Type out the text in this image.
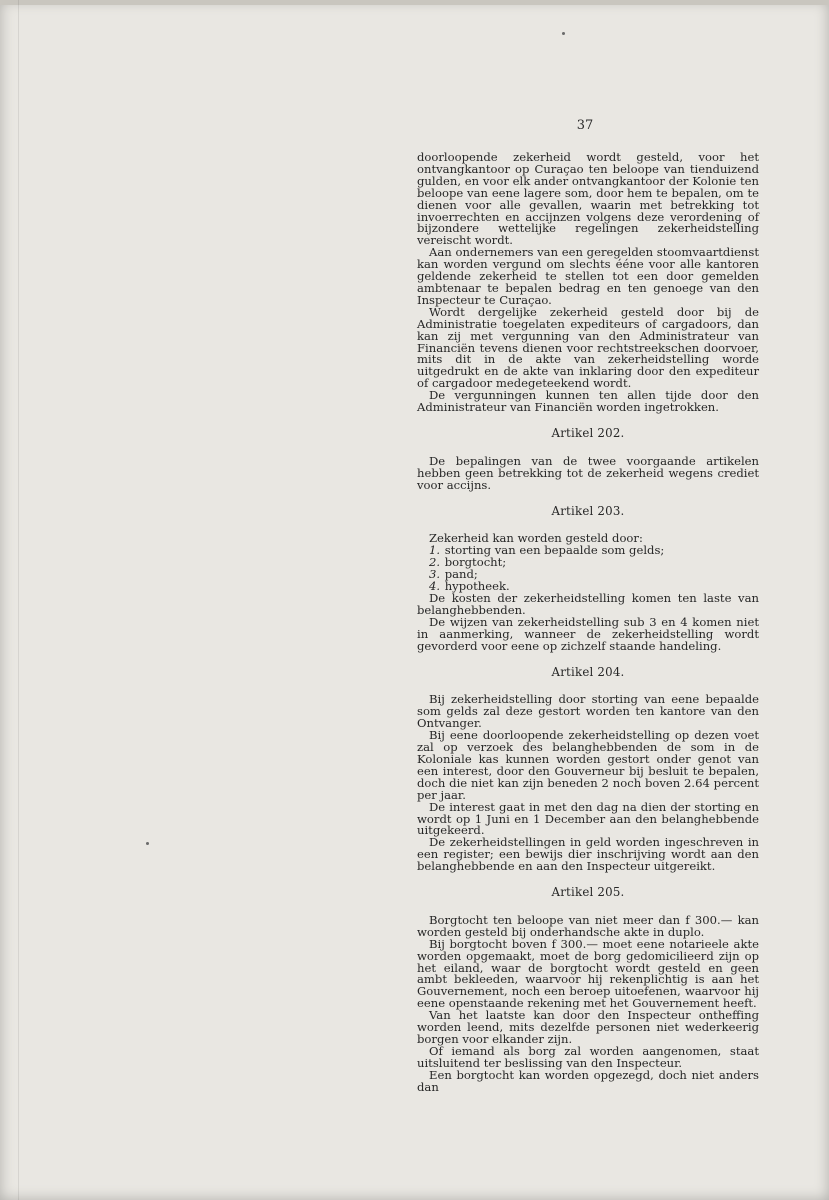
37

doorloopende zekerheid wordt gesteld, voor het ontvangkantoor op Curaçao ten beloope van tienduizend gulden, en voor elk ander ontvangkantoor der Kolonie ten beloope van eene lagere som, door hem te bepalen, om te dienen voor alle gevallen, waarin met betrekking tot invoerrechten en accijnzen volgens deze verordening of bijzondere wettelijke regelingen zekerheidstelling vereischt wordt.

Aan ondernemers van een geregelden stoomvaartdienst kan worden vergund om slechts ééne voor alle kantoren geldende zekerheid te stellen tot een door gemelden ambtenaar te bepalen bedrag en ten genoege van den Inspecteur te Curaçao.

Wordt dergelijke zekerheid gesteld door bij de Administratie toegelaten expediteurs of cargadoors, dan kan zij met vergunning van den Administrateur van Financiën tevens dienen voor rechtstreekschen doorvoer, mits dit in de akte van zekerheidstelling worde uitgedrukt en de akte van inklaring door den expediteur of cargadoor medegeteekend wordt.

De vergunningen kunnen ten allen tijde door den Administrateur van Financiën worden ingetrokken.

Artikel 202.

De bepalingen van de twee voorgaande artikelen hebben geen betrekking tot de zekerheid wegens crediet voor accijns.

Artikel 203.

Zekerheid kan worden gesteld door:

1. storting van een bepaalde som gelds;

2. borgtocht;

3. pand;

4. hypotheek.

De kosten der zekerheidstelling komen ten laste van belanghebbenden.

De wijzen van zekerheidstelling sub 3 en 4 komen niet in aanmerking, wanneer de zekerheidstelling wordt gevorderd voor eene op zichzelf staande handeling.

Artikel 204.

Bij zekerheidstelling door storting van eene bepaalde som gelds zal deze gestort worden ten kantore van den Ontvanger.

Bij eene doorloopende zekerheidstelling op dezen voet zal op verzoek des belanghebbenden de som in de Koloniale kas kunnen worden gestort onder genot van een interest, door den Gouverneur bij besluit te bepalen, doch die niet kan zijn beneden 2 noch boven 2.64 percent per jaar.

De interest gaat in met den dag na dien der storting en wordt op 1 Juni en 1 December aan den belanghebbende uitgekeerd.

De zekerheidstellingen in geld worden ingeschreven in een register; een bewijs dier inschrijving wordt aan den belanghebbende en aan den Inspecteur uitgereikt.

Artikel 205.

Borgtocht ten beloope van niet meer dan f 300.— kan worden gesteld bij onderhandsche akte in duplo.

Bij borgtocht boven f 300.— moet eene notarieele akte worden opgemaakt, moet de borg gedomicilieerd zijn op het eiland, waar de borgtocht wordt gesteld en geen ambt bekleeden, waarvoor hij rekenplichtig is aan het Gouvernement, noch een beroep uitoefenen, waarvoor hij eene openstaande rekening met het Gouvernement heeft.

Van het laatste kan door den Inspecteur ontheffing worden leend, mits dezelfde personen niet wederkeerig borgen voor elkander zijn.

Of iemand als borg zal worden aangenomen, staat uitsluitend ter beslissing van den Inspecteur.

Een borgtocht kan worden opgezegd, doch niet anders dan
